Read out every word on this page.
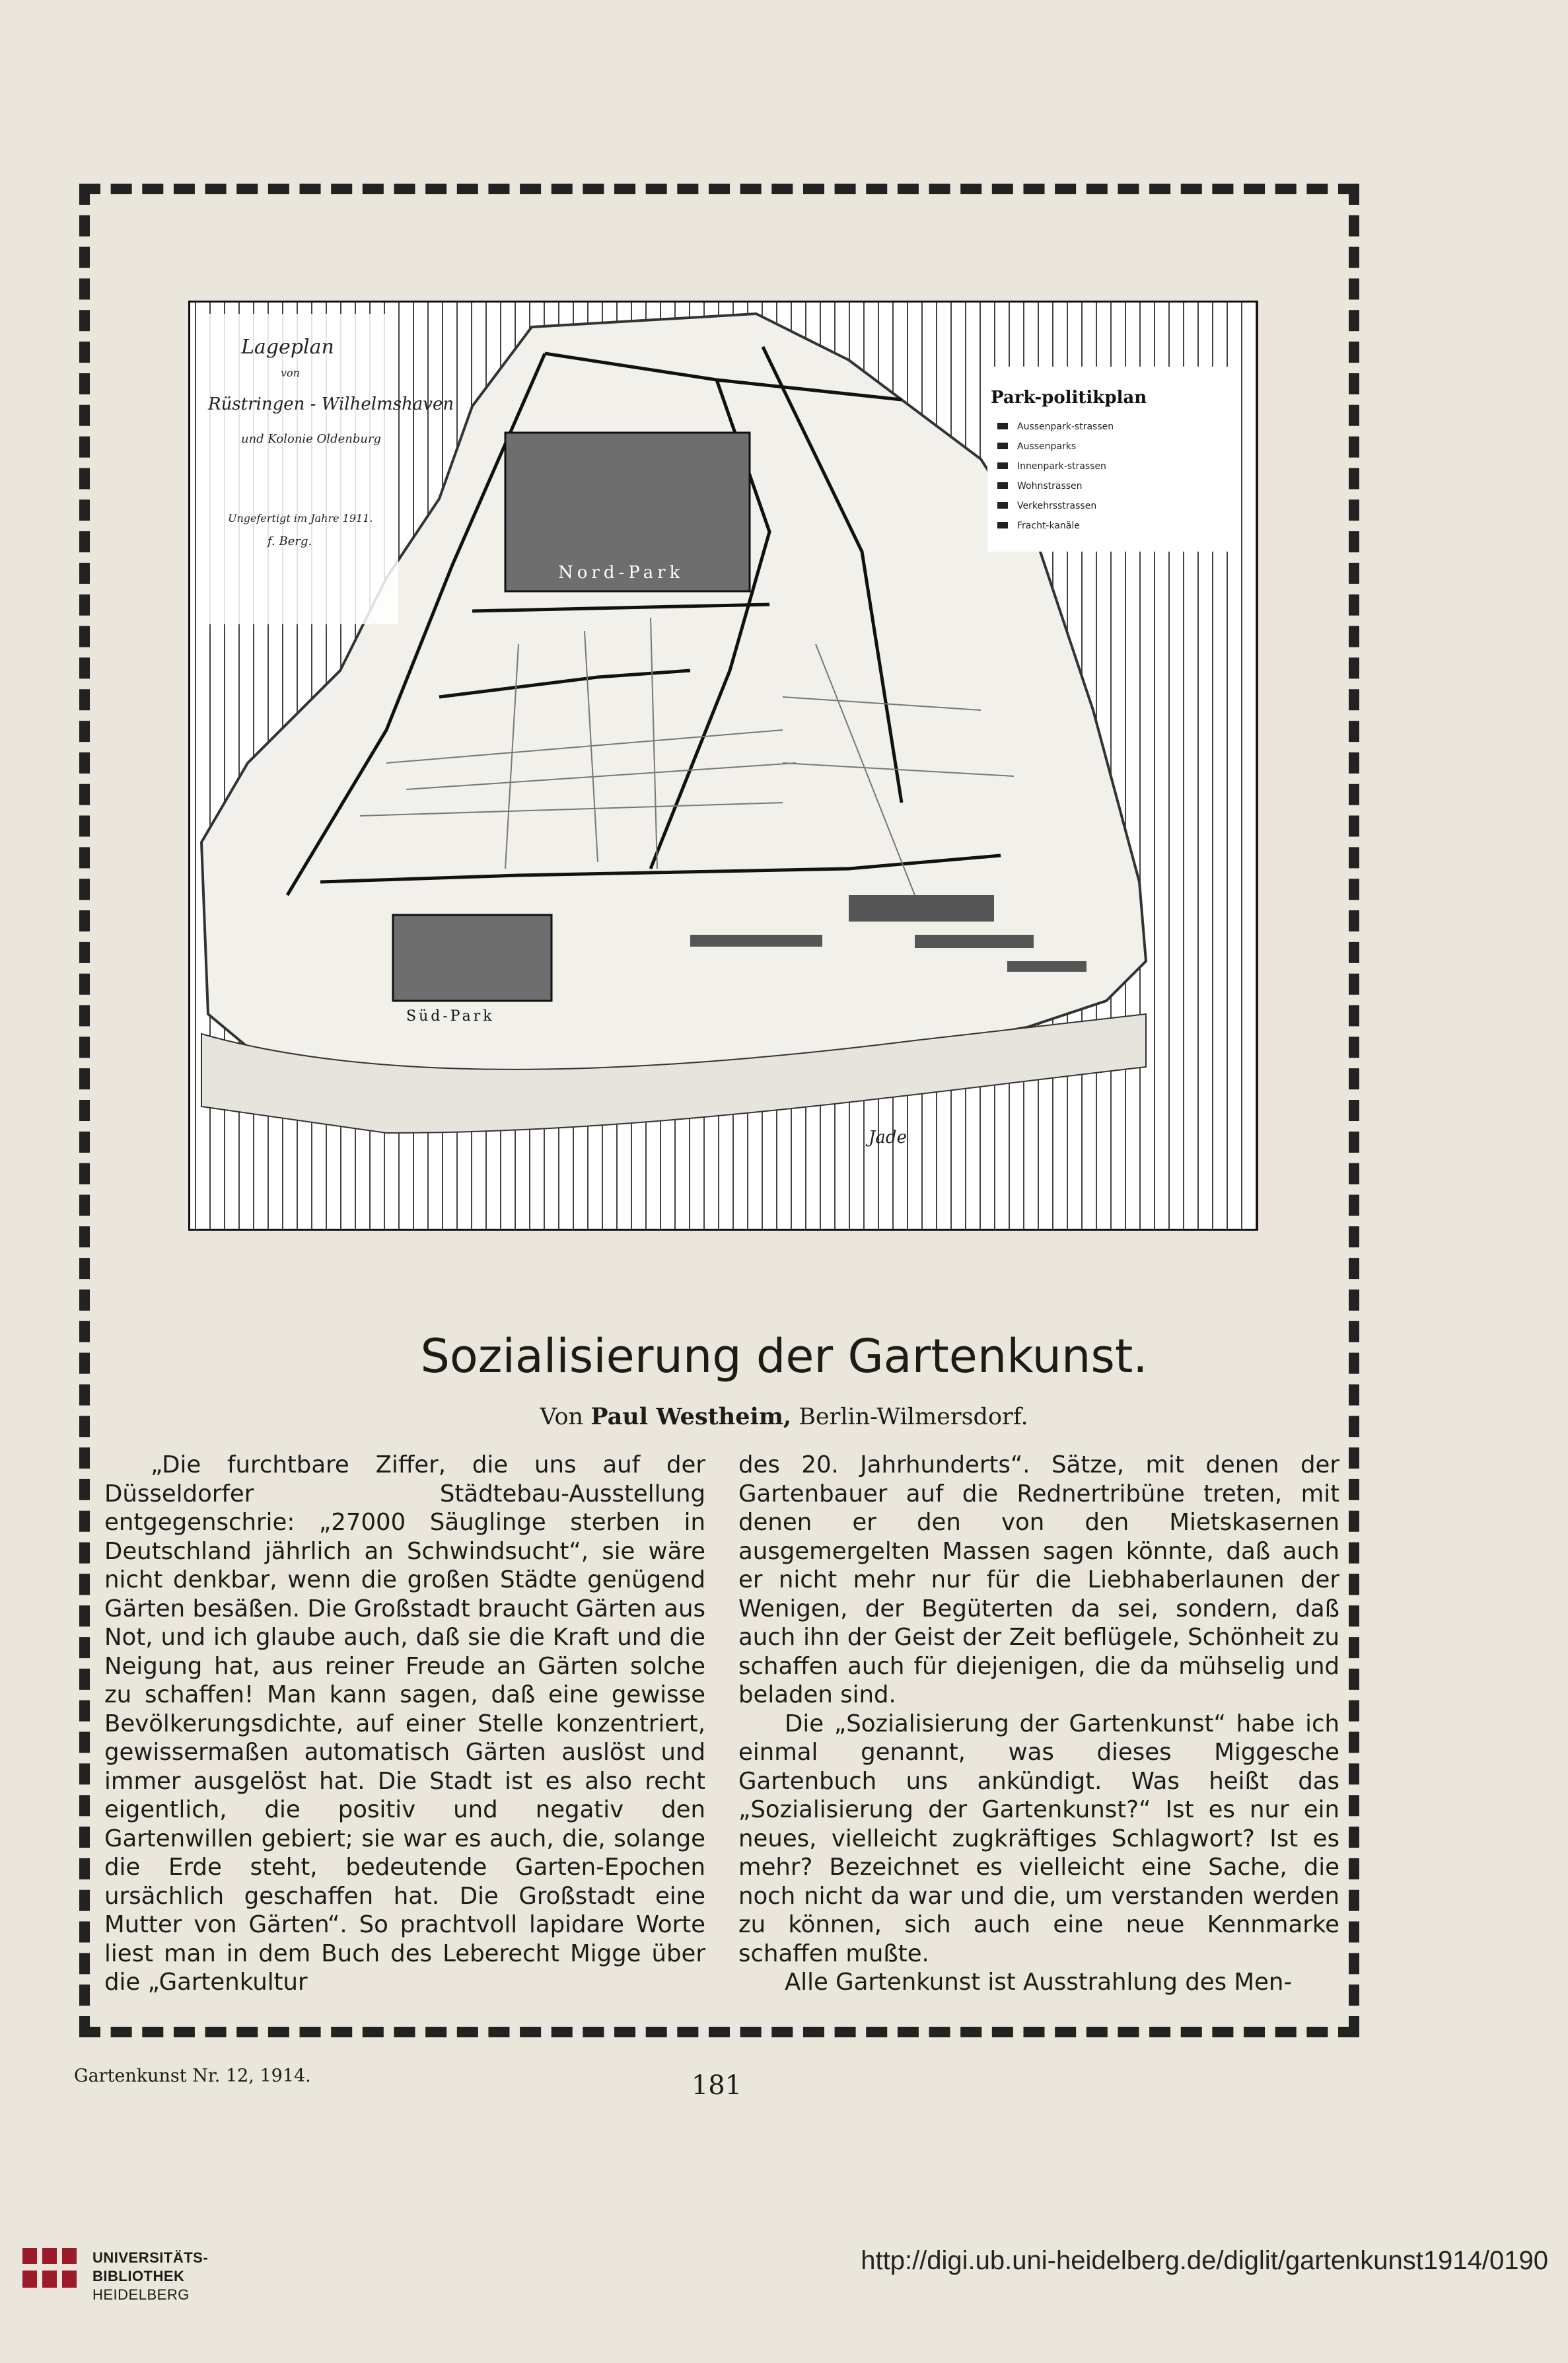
Nord-Park
Süd-Park
Jade
Lageplan
von
Rüstringen - Wilhelmshaven
und Kolonie Oldenburg
Ungefertigt im Jahre 1911.
f. Berg.
Park-politikplan
Aussenpark-strassen
Aussenparks
Innenpark-strassen
Wohnstrassen
Verkehrsstrassen
Fracht-kanäle
Sozialisierung der Gartenkunst.
Von Paul Westheim, Berlin-Wilmersdorf.

„Die furchtbare Ziffer, die uns auf der Düsseldorfer Städtebau-Ausstellung entgegenschrie: „27000 Säuglinge sterben in Deutschland jährlich an Schwindsucht“, sie wäre nicht denkbar, wenn die großen Städte genügend Gärten besäßen. Die Großstadt braucht Gärten aus Not, und ich glaube auch, daß sie die Kraft und die Neigung hat, aus reiner Freude an Gärten solche zu schaffen! Man kann sagen, daß eine gewisse Bevölkerungsdichte, auf einer Stelle konzentriert, gewissermaßen automatisch Gärten auslöst und immer ausgelöst hat. Die Stadt ist es also recht eigentlich, die positiv und negativ den Gartenwillen gebiert; sie war es auch, die, solange die Erde steht, bedeutende Garten-Epochen ursächlich geschaffen hat. Die Großstadt eine Mutter von Gärten“. So prachtvoll lapidare Worte liest man in dem Buch des Leberecht Migge über die „Gartenkultur

des 20. Jahrhunderts“. Sätze, mit denen der Gartenbauer auf die Rednertribüne treten, mit denen er den von den Mietskasernen ausgemergelten Massen sagen könnte, daß auch er nicht mehr nur für die Liebhaberlaunen der Wenigen, der Begüterten da sei, sondern, daß auch ihn der Geist der Zeit beflügele, Schönheit zu schaffen auch für diejenigen, die da mühselig und beladen sind.

Die „Sozialisierung der Gartenkunst“ habe ich einmal genannt, was dieses Miggesche Gartenbuch uns ankündigt. Was heißt das „Sozialisierung der Gartenkunst?“ Ist es nur ein neues, vielleicht zugkräftiges Schlagwort? Ist es mehr? Bezeichnet es vielleicht eine Sache, die noch nicht da war und die, um verstanden werden zu können, sich auch eine neue Kennmarke schaffen mußte.

Alle Gartenkunst ist Ausstrahlung des Men-

Gartenkunst Nr. 12, 1914.	181
UNIVERSITÄTS-
BIBLIOTHEK
HEIDELBERG
http://digi.ub.uni-heidelberg.de/diglit/gartenkunst1914/0190
